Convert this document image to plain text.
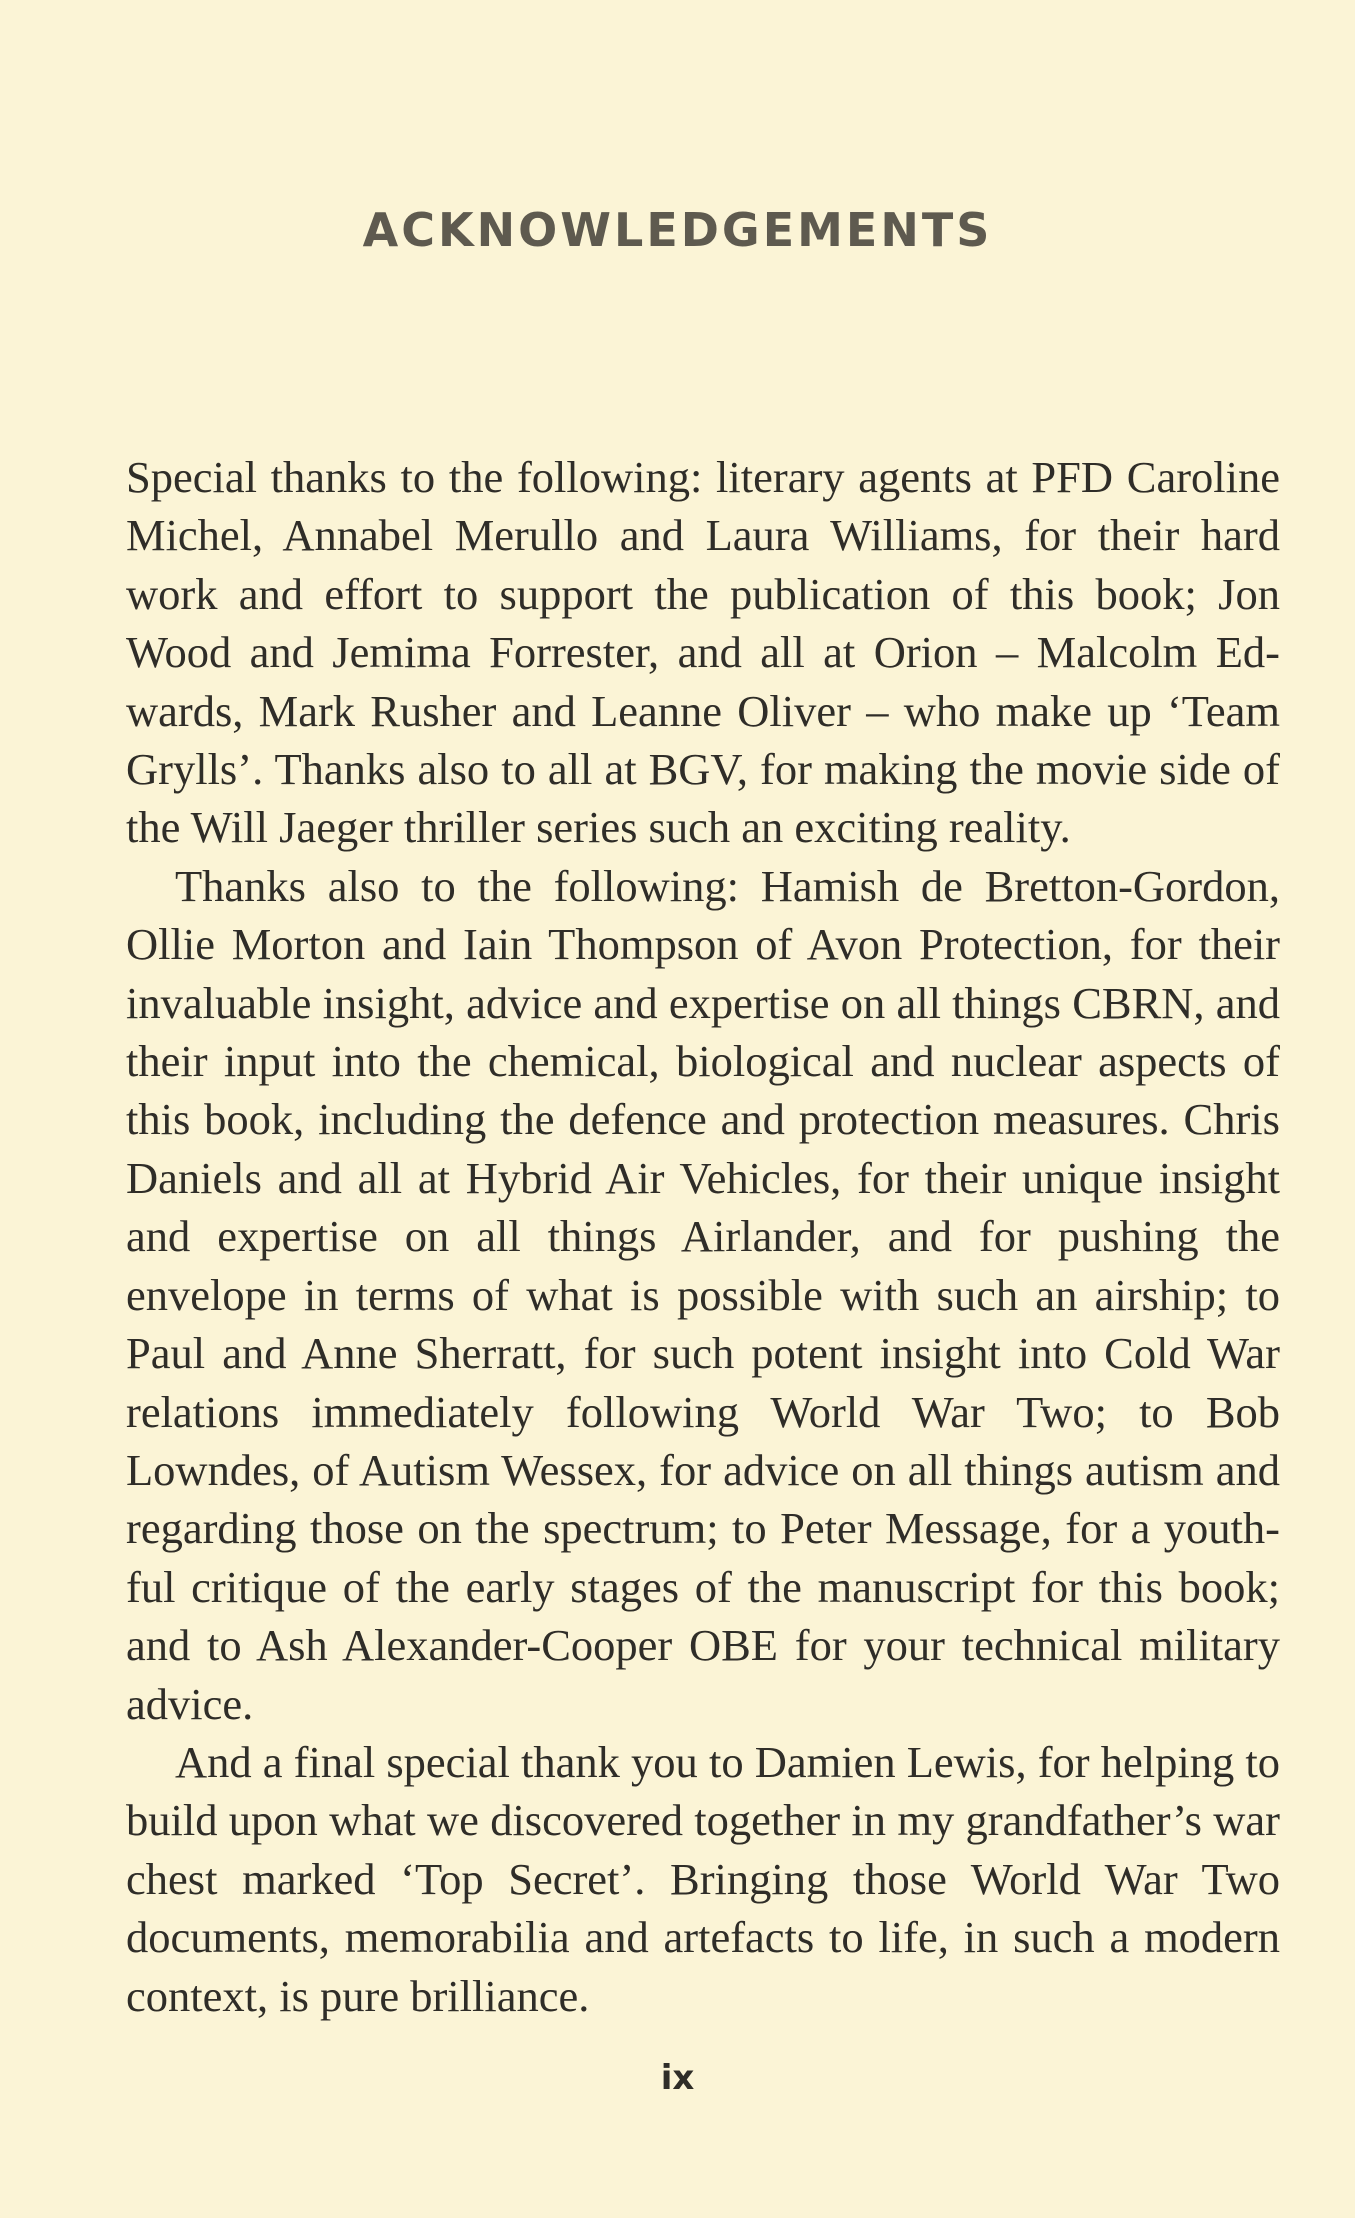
ACKNOWLEDGEMENTS

Special thanks to the following: literary agents at PFD Caroline Michel, Annabel Merullo and Laura Williams, for their hard work and effort to support the publication of this book; Jon Wood and Jemima Forrester, and all at Orion – Malcolm Edwards, Mark Rusher and Leanne Oliver – who make up ‘Team Grylls’. Thanks also to all at BGV, for making the movie side of the Will Jaeger thriller series such an exciting reality.

Thanks also to the following: Hamish de Bretton-Gordon, Ollie Morton and Iain Thompson of Avon Protection, for their invaluable insight, advice and expertise on all things CBRN, and their input into the chemical, biological and nuclear aspects of this book, including the defence and protection measures. Chris Daniels and all at Hybrid Air Vehicles, for their unique insight and expertise on all things Airlander, and for pushing the envelope in terms of what is possible with such an airship; to Paul and Anne Sherratt, for such potent insight into Cold War relations immediately following World War Two; to Bob Lowndes, of Autism Wessex, for advice on all things autism and regarding those on the spectrum; to Peter Message, for a youthful critique of the early stages of the manuscript for this book; and to Ash Alexander-Cooper OBE for your technical military advice.

And a final special thank you to Damien Lewis, for helping to build upon what we discovered together in my grandfather’s war chest marked ‘Top Secret’. Bringing those World War Two documents, memorabilia and artefacts to life, in such a modern context, is pure brilliance.

ix
